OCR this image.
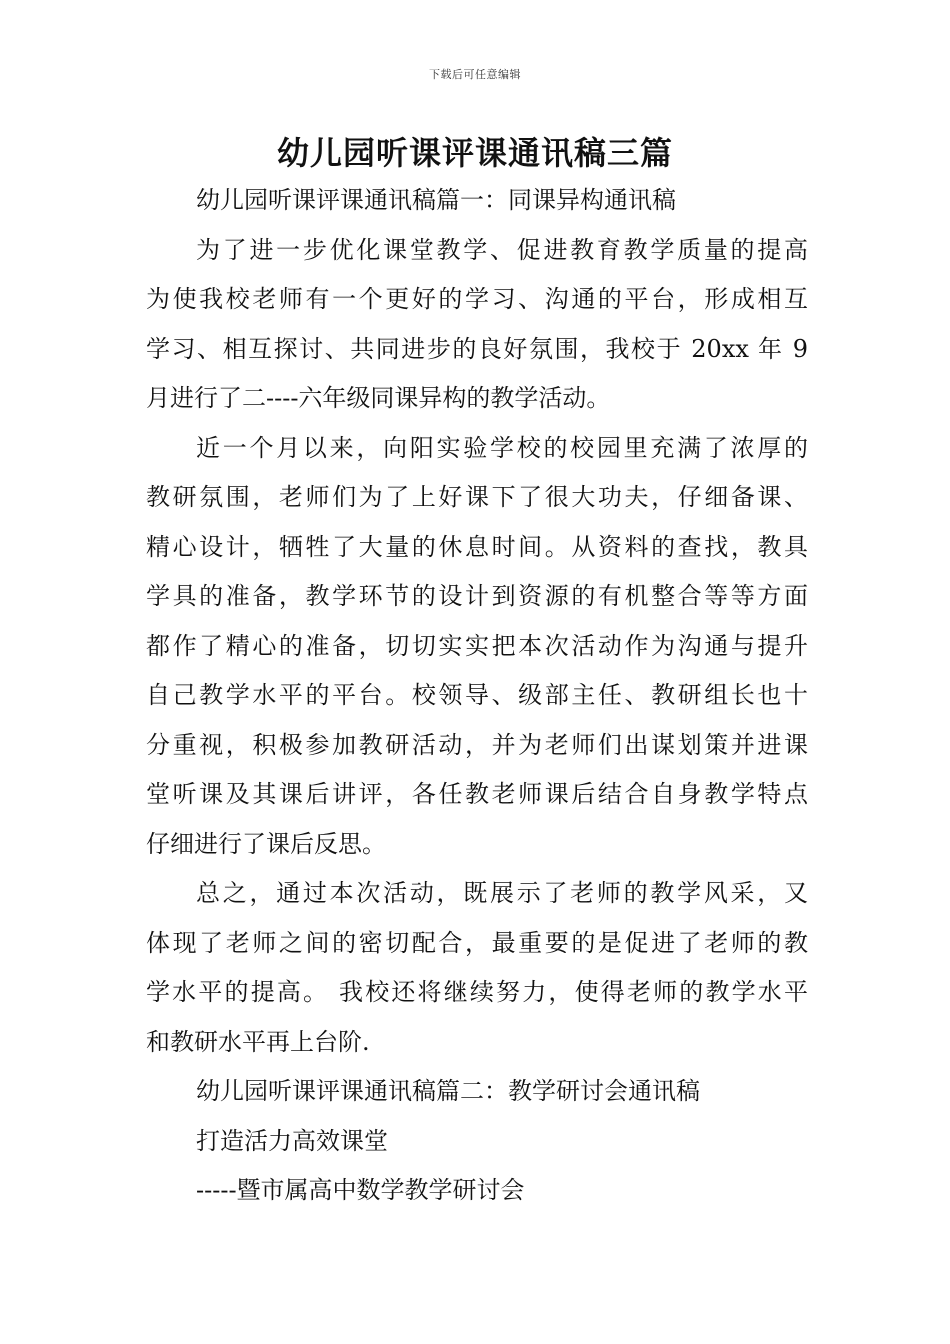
下载后可任意编辑
幼儿园听课评课通讯稿三篇
幼儿园听课评课通讯稿篇一：同课异构通讯稿
为了进一步优化课堂教学、促进教育教学质量的提高
为使我校老师有一个更好的学习、沟通的平台，形成相互
学习、相互探讨、共同进步的良好氛围，我校于 20xx 年 9
月进行了二----六年级同课异构的教学活动。
近一个月以来，向阳实验学校的校园里充满了浓厚的
教研氛围，老师们为了上好课下了很大功夫，仔细备课、
精心设计，牺牲了大量的休息时间。从资料的查找，教具
学具的准备，教学环节的设计到资源的有机整合等等方面
都作了精心的准备，切切实实把本次活动作为沟通与提升
自己教学水平的平台。校领导、级部主任、教研组长也十
分重视，积极参加教研活动，并为老师们出谋划策并进课
堂听课及其课后讲评，各任教老师课后结合自身教学特点
仔细进行了课后反思。
总之，通过本次活动，既展示了老师的教学风采，又
体现了老师之间的密切配合，最重要的是促进了老师的教
学水平的提高。 我校还将继续努力，使得老师的教学水平
和教研水平再上台阶.
幼儿园听课评课通讯稿篇二：教学研讨会通讯稿
打造活力高效课堂
-----暨市属高中数学教学研讨会
